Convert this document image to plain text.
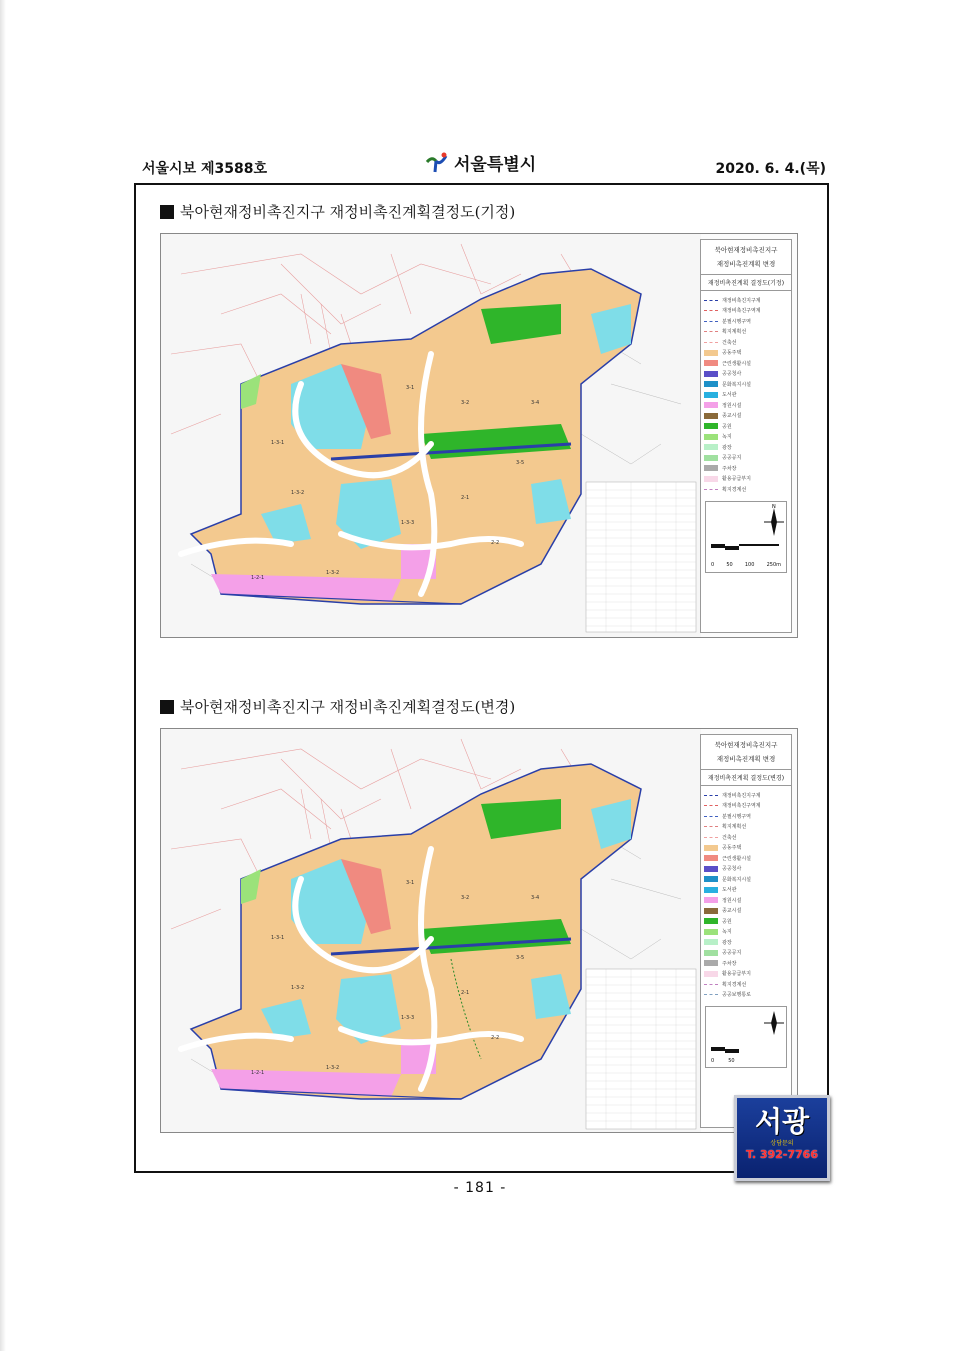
서울시보 제3588호	서울특별시	2020. 6. 4.(목)
북아현재정비촉진지구 재정비촉진계획결정도(기정)
3-1
3-2	3-4
2-1
3-5
1-3-1
1-3-2
1-3-3
1-2-1
1-3-2
2-2
북아현재정비촉진지구
재정비촉진계획 변경
재정비촉진계획 결정도(기정)
재정비촉진지구계
재정비촉진구역계
분필시행구역
획지계획선
건축선
공동주택
근린생활시설
공공청사
문화복지시설
도서관
정원시설
종교시설
공원
녹지
광장
공공공지
주차장
활용공급부지
획지경계선
N
0 50 100 250m
북아현재정비촉진지구 재정비촉진계획결정도(변경)
3-1
3-2	3-4
2-1
3-5
1-3-1
1-3-2
1-3-3
1-2-1
1-3-2
2-2
북아현재정비촉진지구
재정비촉진계획 변경
재정비촉진계획 결정도(변경)
재정비촉진지구계
재정비촉진구역계
분필시행구역
획지계획선
건축선
공동주택
근린생활시설
공공청사
문화복지시설
도서관
정원시설
종교시설
공원
녹지
광장
공공공지
주차장
활용공급부지
획지경계선
공공보행통로
0	50
서광
상담문의
T. 392-7766
- 181 -
